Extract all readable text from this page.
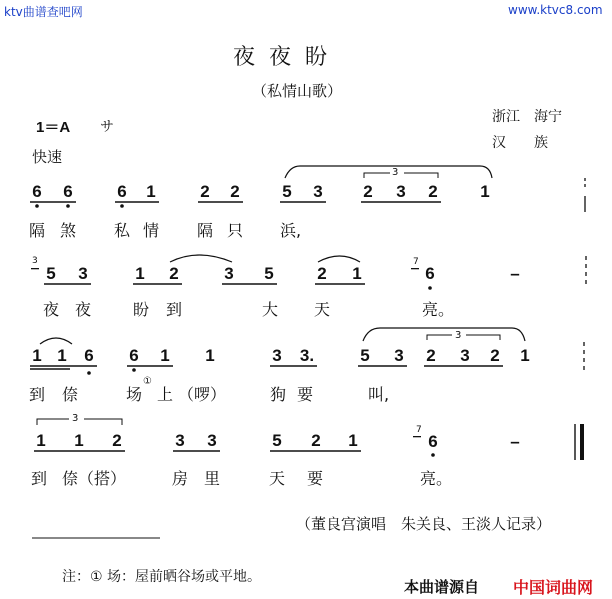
ktv曲谱查吧网	www.ktvc8.com
夜夜盼
（私情山歌）
浙江　海宁
汉　　族
1＝A サ
快速
6 6	6 1	2 2	5 3 2 3 2	1
3
隔 煞 私 情 隔 只 浜,
3
5 3	1 2	3 5	2 1
7
6	–
夜 夜	盼 到	大 天	亮。
1 1 6 6 1 1	3 3.	5 3 2 3 2 1
3
到 倷	场
①
上 （啰）	狗 要	叫,
1 1 2	3 3	5 2 1
7
6	–
3
到 倷（搭）	房 里	天 要	亮。
（董良宫演唱　朱关良、王淡人记录）
注：① 场：屋前晒谷场或平地。
本曲谱源自 中国词曲网
